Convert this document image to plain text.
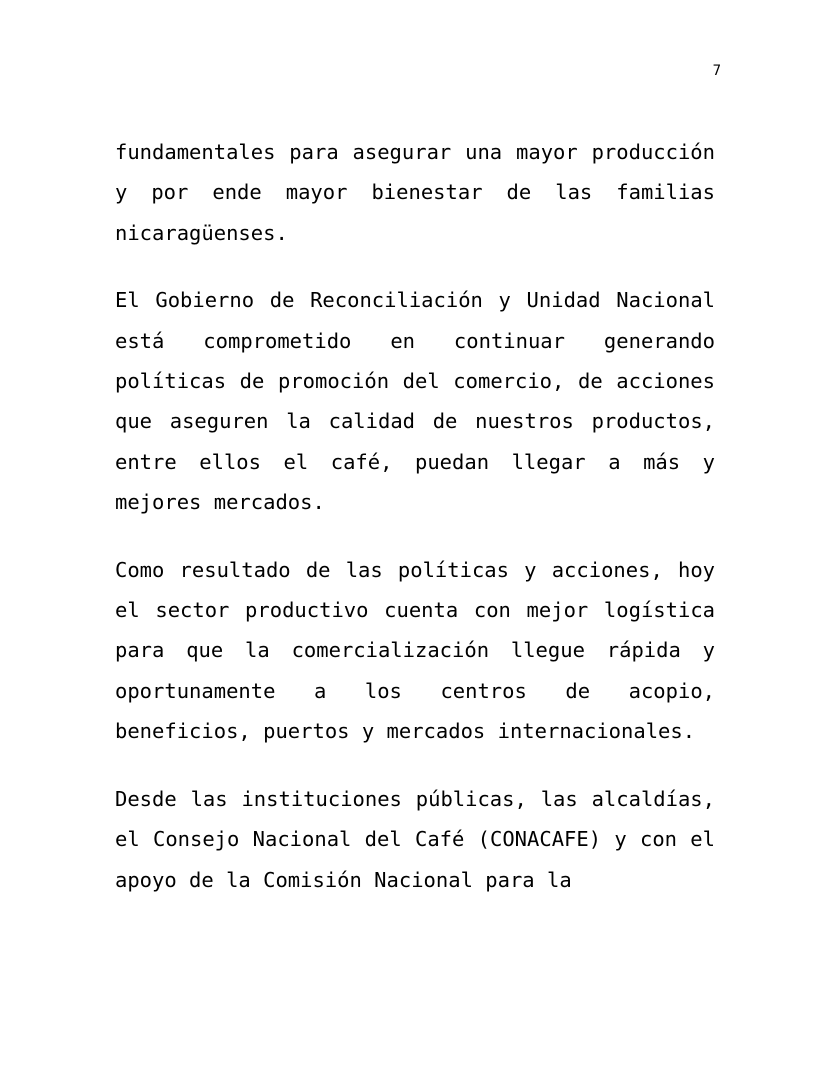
7

fundamentales para asegurar una mayor producción y por ende mayor bienestar de las familias nicaragüenses.

El Gobierno de Reconciliación y Unidad Nacional está comprometido en continuar generando políticas de promoción del comercio, de acciones que aseguren la calidad de nuestros productos, entre ellos el café, puedan llegar a más y mejores mercados.

Como resultado de las políticas y acciones, hoy el sector productivo cuenta con mejor logística para que la comercialización llegue rápida y oportunamente a los centros de acopio, beneficios, puertos y mercados internacionales.

Desde las instituciones públicas, las alcaldías, el Consejo Nacional del Café (CONACAFE) y con el apoyo de la Comisión Nacional para la
